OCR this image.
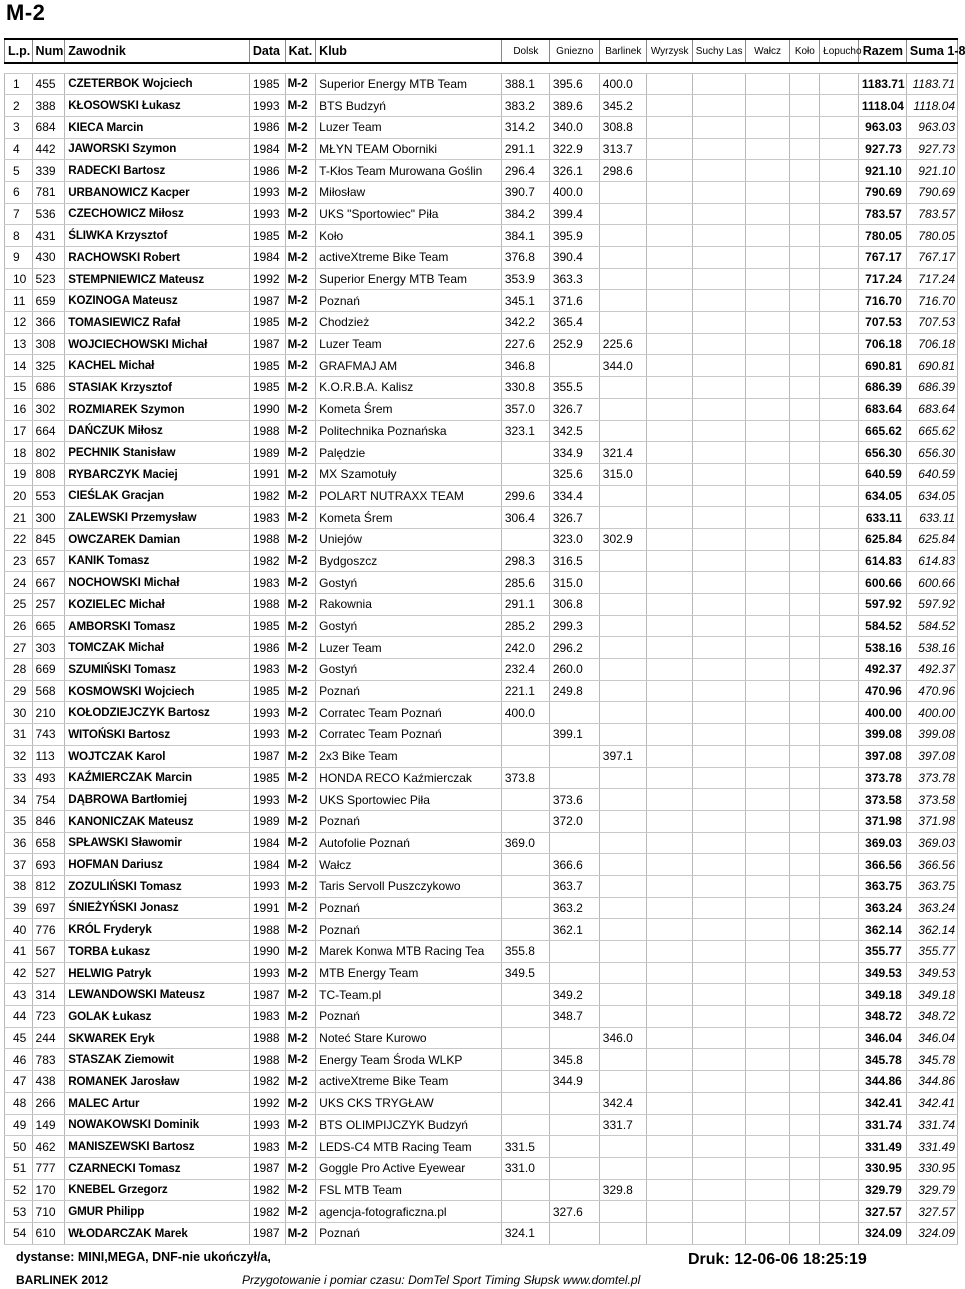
M-2
L.p.	Num	Zawodnik	Data	Kat.	Klub	Dolsk	Gniezno	Barlinek	Wyrzysk	Suchy Las	Wałcz	Koło	Łopucho	Razem	Suma 1-8

1	455	CZETERBOK Wojciech	1985	M-2	Superior Energy MTB Team	388.1	395.6	400.0						1183.71	1183.71
2	388	KŁOSOWSKI Łukasz	1993	M-2	BTS Budzyń	383.2	389.6	345.2						1118.04	1118.04
3	684	KIECA Marcin	1986	M-2	Luzer Team	314.2	340.0	308.8						963.03	963.03
4	442	JAWORSKI Szymon	1984	M-2	MŁYN TEAM Oborniki	291.1	322.9	313.7						927.73	927.73
5	339	RADECKI Bartosz	1986	M-2	T-Kłos Team Murowana Goślin	296.4	326.1	298.6						921.10	921.10
6	781	URBANOWICZ Kacper	1993	M-2	Miłosław	390.7	400.0							790.69	790.69
7	536	CZECHOWICZ Miłosz	1993	M-2	UKS "Sportowiec" Piła	384.2	399.4							783.57	783.57
8	431	ŚLIWKA Krzysztof	1985	M-2	Koło	384.1	395.9							780.05	780.05
9	430	RACHOWSKI Robert	1984	M-2	activeXtreme Bike Team	376.8	390.4							767.17	767.17
10	523	STEMPNIEWICZ Mateusz	1992	M-2	Superior Energy MTB Team	353.9	363.3							717.24	717.24
11	659	KOZINOGA Mateusz	1987	M-2	Poznań	345.1	371.6							716.70	716.70
12	366	TOMASIEWICZ Rafał	1985	M-2	Chodzież	342.2	365.4							707.53	707.53
13	308	WOJCIECHOWSKI Michał	1987	M-2	Luzer Team	227.6	252.9	225.6						706.18	706.18
14	325	KACHEL Michał	1985	M-2	GRAFMAJ AM	346.8		344.0						690.81	690.81
15	686	STASIAK Krzysztof	1985	M-2	K.O.R.B.A. Kalisz	330.8	355.5							686.39	686.39
16	302	ROZMIAREK Szymon	1990	M-2	Kometa Śrem	357.0	326.7							683.64	683.64
17	664	DAŃCZUK Miłosz	1988	M-2	Politechnika Poznańska	323.1	342.5							665.62	665.62
18	802	PECHNIK Stanisław	1989	M-2	Palędzie		334.9	321.4						656.30	656.30
19	808	RYBARCZYK Maciej	1991	M-2	MX Szamotuły		325.6	315.0						640.59	640.59
20	553	CIEŚLAK Gracjan	1982	M-2	POLART NUTRAXX TEAM	299.6	334.4							634.05	634.05
21	300	ZALEWSKI Przemysław	1983	M-2	Kometa Śrem	306.4	326.7							633.11	633.11
22	845	OWCZAREK Damian	1988	M-2	Uniejów		323.0	302.9						625.84	625.84
23	657	KANIK Tomasz	1982	M-2	Bydgoszcz	298.3	316.5							614.83	614.83
24	667	NOCHOWSKI Michał	1983	M-2	Gostyń	285.6	315.0							600.66	600.66
25	257	KOZIELEC Michał	1988	M-2	Rakownia	291.1	306.8							597.92	597.92
26	665	AMBORSKI Tomasz	1985	M-2	Gostyń	285.2	299.3							584.52	584.52
27	303	TOMCZAK Michał	1986	M-2	Luzer Team	242.0	296.2							538.16	538.16
28	669	SZUMIŃSKI Tomasz	1983	M-2	Gostyń	232.4	260.0							492.37	492.37
29	568	KOSMOWSKI Wojciech	1985	M-2	Poznań	221.1	249.8							470.96	470.96
30	210	KOŁODZIEJCZYK Bartosz	1993	M-2	Corratec Team Poznań	400.0								400.00	400.00
31	743	WITOŃSKI Bartosz	1993	M-2	Corratec Team Poznań		399.1							399.08	399.08
32	113	WOJTCZAK Karol	1987	M-2	2x3 Bike Team			397.1						397.08	397.08
33	493	KAŹMIERCZAK Marcin	1985	M-2	HONDA RECO Kaźmierczak	373.8								373.78	373.78
34	754	DĄBROWA Bartłomiej	1993	M-2	UKS Sportowiec Piła		373.6							373.58	373.58
35	846	KANONICZAK Mateusz	1989	M-2	Poznań		372.0							371.98	371.98
36	658	SPŁAWSKI Sławomir	1984	M-2	Autofolie Poznań	369.0								369.03	369.03
37	693	HOFMAN Dariusz	1984	M-2	Wałcz		366.6							366.56	366.56
38	812	ZOZULIŃSKI Tomasz	1993	M-2	Taris Servoll Puszczykowo		363.7							363.75	363.75
39	697	ŚNIEŻYŃSKI Jonasz	1991	M-2	Poznań		363.2							363.24	363.24
40	776	KRÓL Fryderyk	1988	M-2	Poznań		362.1							362.14	362.14
41	567	TORBA Łukasz	1990	M-2	Marek Konwa MTB Racing Tea	355.8								355.77	355.77
42	527	HELWIG Patryk	1993	M-2	MTB Energy Team	349.5								349.53	349.53
43	314	LEWANDOWSKI Mateusz	1987	M-2	TC-Team.pl		349.2							349.18	349.18
44	723	GOLAK Łukasz	1983	M-2	Poznań		348.7							348.72	348.72
45	244	SKWAREK Eryk	1988	M-2	Noteć Stare Kurowo			346.0						346.04	346.04
46	783	STASZAK Ziemowit	1988	M-2	Energy Team Środa WLKP		345.8							345.78	345.78
47	438	ROMANEK Jarosław	1982	M-2	activeXtreme Bike Team		344.9							344.86	344.86
48	266	MALEC Artur	1992	M-2	UKS CKS TRYGŁAW			342.4						342.41	342.41
49	149	NOWAKOWSKI Dominik	1993	M-2	BTS OLIMPIJCZYK Budzyń			331.7						331.74	331.74
50	462	MANISZEWSKI Bartosz	1983	M-2	LEDS-C4 MTB Racing Team	331.5								331.49	331.49
51	777	CZARNECKI Tomasz	1987	M-2	Goggle Pro Active Eyewear	331.0								330.95	330.95
52	170	KNEBEL Grzegorz	1982	M-2	FSL MTB Team			329.8						329.79	329.79
53	710	GMUR Philipp	1982	M-2	agencja-fotograficzna.pl		327.6							327.57	327.57
54	610	WŁODARCZAK Marek	1987	M-2	Poznań	324.1								324.09	324.09
dystanse: MINI,MEGA, DNF-nie ukończył/a,
BARLINEK 2012	Przygotowanie i pomiar czasu: DomTel Sport Timing Słupsk www.domtel.pl
Druk: 12-06-06 18:25:19
